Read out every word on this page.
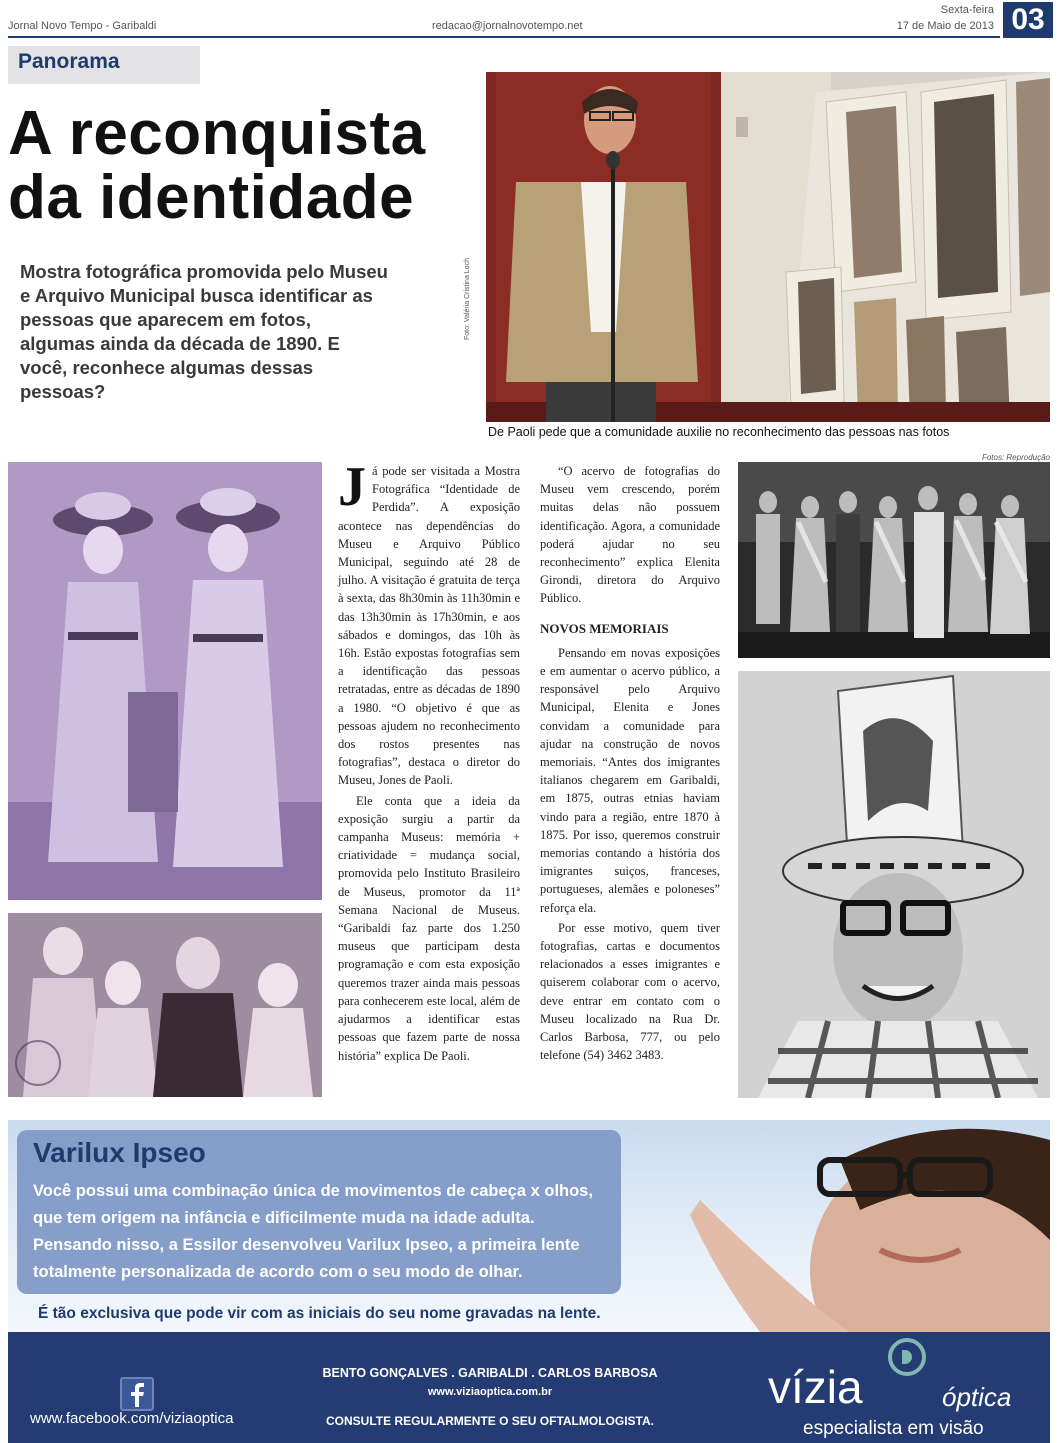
Jornal Novo Tempo - Garibaldi	redacao@jornalnovotempo.net
Sexta-feira
17 de Maio de 2013 03
Panorama
A reconquista
da identidade
Mostra fotográfica promovida pelo Museu e Arquivo Municipal busca identificar as pessoas que aparecem em fotos, algumas ainda da década de 1890. E você, reconhece algumas dessas pessoas?
Foto: Valéria Cristina Loch
De Paoli pede que a comunidade auxilie no reconhecimento das pessoas nas fotos
Fotos: Reprodução

Já pode ser visitada a Mostra Fotográfica “Identidade de Perdida”. A exposição acontece nas dependências do Museu e Arquivo Público Municipal, seguindo até 28 de julho. A visitação é gratuita de terça à sexta, das 8h30min às 11h30min e das 13h30min às 17h30min, e aos sábados e domingos, das 10h às 16h. Estão expostas fotografias sem a identificação das pessoas retratadas, entre as décadas de 1890 a 1980. “O objetivo é que as pessoas ajudem no reconhecimento dos rostos presentes nas fotografias”, destaca o diretor do Museu, Jones de Paoli.

Ele conta que a ideia da exposição surgiu a partir da campanha Museus: memória + criatividade = mudança social, promovida pelo Instituto Brasileiro de Museus, promotor da 11ª Semana Nacional de Museus. “Garibaldi faz parte dos 1.250 museus que participam desta programação e com esta exposição queremos trazer ainda mais pessoas para conhecerem este local, além de ajudarmos a identificar estas pessoas que fazem parte de nossa história” explica De Paoli.

“O acervo de fotografias do Museu vem crescendo, porém muitas delas não possuem identificação. Agora, a comunidade poderá ajudar no seu reconhecimento” explica Elenita Girondi, diretora do Arquivo Público.

NOVOS MEMORIAIS

Pensando em novas exposições e em aumentar o acervo público, a responsável pelo Arquivo Municipal, Elenita e Jones convidam a comunidade para ajudar na construção de novos memoriais. “Antes dos imigrantes italianos chegarem em Garibaldi, em 1875, outras etnias haviam vindo para a região, entre 1870 à 1875. Por isso, queremos construir memorias contando a história dos imigrantes suiços, franceses, portugueses, alemães e poloneses” reforça ela.

Por esse motivo, quem tiver fotografias, cartas e documentos relacionados a esses imigrantes e quiserem colaborar com o acervo, deve entrar em contato com o Museu localizado na Rua Dr. Carlos Barbosa, 777, ou pelo telefone (54) 3462 3483.

Varilux Ipseo
Você possui uma combinação única de movimentos de cabeça x olhos, que tem origem na infância e dificilmente muda na idade adulta. Pensando nisso, a Essilor desenvolveu Varilux Ipseo, a primeira lente totalmente personalizada de acordo com o seu modo de olhar.
É tão exclusiva que pode vir com as iniciais do seu nome gravadas na lente.
www.facebook.com/viziaoptica
BENTO GONÇALVES . GARIBALDI . CARLOS BARBOSA
www.viziaoptica.com.br
CONSULTE REGULARMENTE O SEU OFTALMOLOGISTA.
vízia	óptica
especialista em visão
